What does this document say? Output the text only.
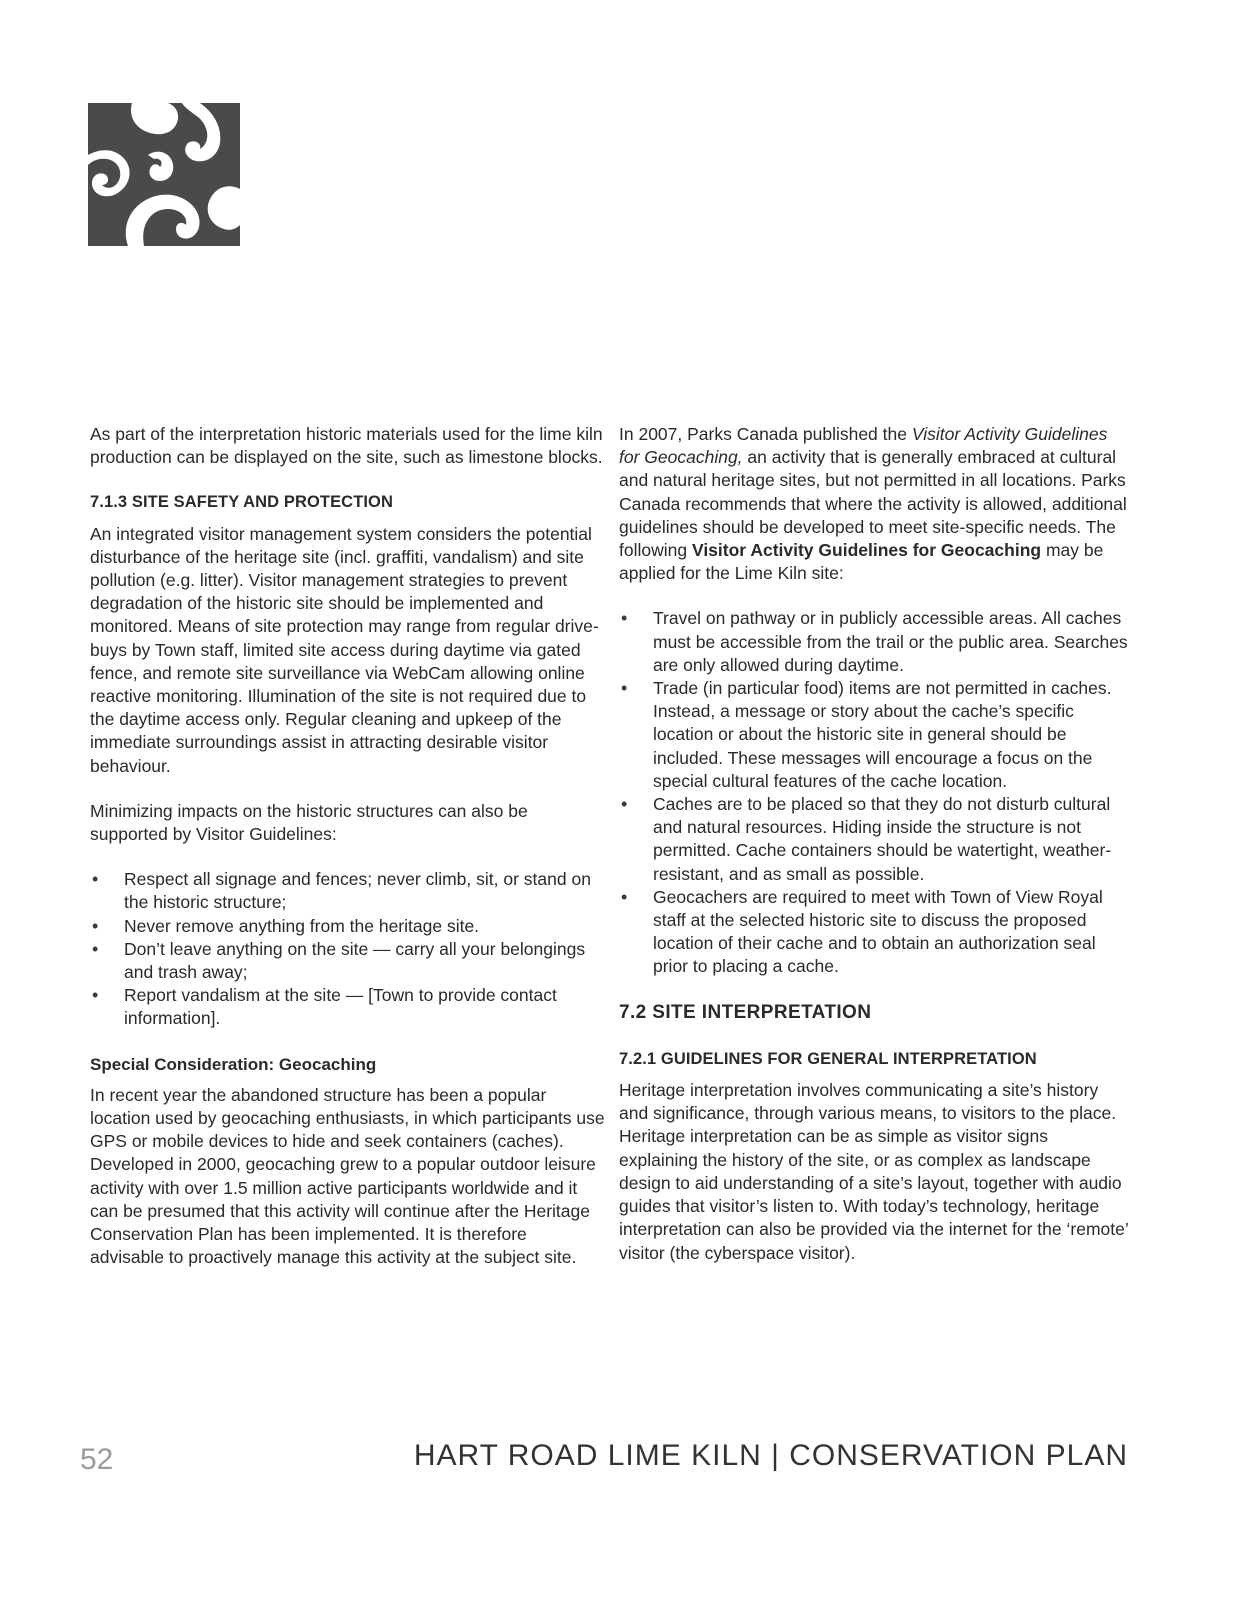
As part of the interpretation historic materials used for the lime kiln production can be displayed on the site, such as limestone blocks.

7.1.3 SITE SAFETY AND PROTECTION

An integrated visitor management system considers the potential disturbance of the heritage site (incl. graffiti, vandalism) and site pollution (e.g. litter). Visitor management strategies to prevent degradation of the historic site should be implemented and monitored. Means of site protection may range from regular drive-buys by Town staff, limited site access during daytime via gated fence, and remote site surveillance via WebCam allowing online reactive monitoring. Illumination of the site is not required due to the daytime access only. Regular cleaning and upkeep of the immediate surroundings assist in attracting desirable visitor behaviour.

Minimizing impacts on the historic structures can also be supported by Visitor Guidelines:

• Respect all signage and fences; never climb, sit, or stand on the historic structure;
• Never remove anything from the heritage site.
• Don’t leave anything on the site — carry all your belongings and trash away;
• Report vandalism at the site — [Town to provide contact information].
Special Consideration: Geocaching

In recent year the abandoned structure has been a popular location used by geocaching enthusiasts, in which participants use GPS or mobile devices to hide and seek containers (caches). Developed in 2000, geocaching grew to a popular outdoor leisure activity with over 1.5 million active participants worldwide and it can be presumed that this activity will continue after the Heritage Conservation Plan has been implemented. It is therefore advisable to proactively manage this activity at the subject site.

In 2007, Parks Canada published the Visitor Activity Guidelines for Geocaching, an activity that is generally embraced at cultural and natural heritage sites, but not permitted in all locations. Parks Canada recommends that where the activity is allowed, additional guidelines should be developed to meet site-specific needs. The following Visitor Activity Guidelines for Geocaching may be applied for the Lime Kiln site:

• Travel on pathway or in publicly accessible areas. All caches must be accessible from the trail or the public area. Searches are only allowed during daytime.
• Trade (in particular food) items are not permitted in caches. Instead, a message or story about the cache’s specific location or about the historic site in general should be included. These messages will encourage a focus on the special cultural features of the cache location.
• Caches are to be placed so that they do not disturb cultural and natural resources. Hiding inside the structure is not permitted. Cache containers should be watertight, weather-resistant, and as small as possible.
• Geocachers are required to meet with Town of View Royal staff at the selected historic site to discuss the proposed location of their cache and to obtain an authorization seal prior to placing a cache.
7.2 SITE INTERPRETATION
7.2.1 GUIDELINES FOR GENERAL INTERPRETATION

Heritage interpretation involves communicating a site’s history and significance, through various means, to visitors to the place. Heritage interpretation can be as simple as visitor signs explaining the history of the site, or as complex as landscape design to aid understanding of a site’s layout, together with audio guides that visitor’s listen to. With today’s technology, heritage interpretation can also be provided via the internet for the ‘remote’ visitor (the cyberspace visitor).

52	HART ROAD LIME KILN | CONSERVATION PLAN
